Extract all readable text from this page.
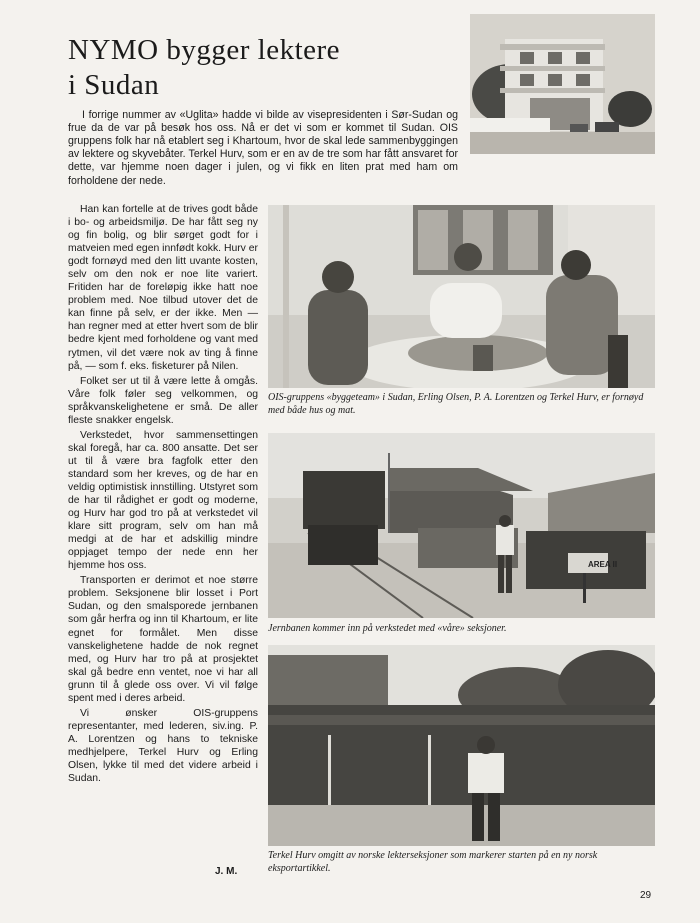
NYMO bygger lektere
i Sudan

I forrige nummer av «Uglita» hadde vi bilde av visepresidenten i Sør-Sudan og frue da de var på besøk hos oss. Nå er det vi som er kommet til Sudan. OIS gruppens folk har nå etablert seg i Khartoum, hvor de skal lede sammenbyggingen av lektere og skyvebåter. Terkel Hurv, som er en av de tre som har fått ansvaret for dette, var hjemme noen dager i julen, og vi fikk en liten prat med ham om forholdene der nede.

Han kan fortelle at de trives godt både i bo- og arbeidsmiljø. De har fått seg ny og fin bolig, og blir sørget godt for i matveien med egen innfødt kokk. Hurv er godt fornøyd med den litt uvante kosten, selv om den nok er noe lite variert. Fritiden har de foreløpig ikke hatt noe problem med. Noe tilbud utover det de kan finne på selv, er der ikke. Men — han regner med at etter hvert som de blir bedre kjent med forholdene og vant med rytmen, vil det være nok av ting å finne på, — som f. eks. fisketurer på Nilen.

Folket ser ut til å være lette å omgås. Våre folk føler seg velkommen, og språkvanskelighetene er små. De aller fleste snakker engelsk.

Verkstedet, hvor sammensettingen skal foregå, har ca. 800 ansatte. Det ser ut til å være bra fagfolk etter den standard som her kreves, og de har en veldig optimistisk innstilling. Utstyret som de har til rådighet er godt og moderne, og Hurv har god tro på at verkstedet vil klare sitt program, selv om han må medgi at de har et adskillig mindre oppjaget tempo der nede enn her hjemme hos oss.

Transporten er derimot et noe større problem. Seksjonene blir losset i Port Sudan, og den smalsporede jernbanen som går herfra og inn til Khartoum, er lite egnet for formålet. Men disse vanskelighetene hadde de nok regnet med, og Hurv har tro på at prosjektet skal gå bedre enn ventet, noe vi har all grunn til å glede oss over. Vi vil følge spent med i deres arbeid.

Vi ønsker OIS-gruppens representanter, med lederen, siv.ing. P. A. Lorentzen og hans to tekniske medhjelpere, Terkel Hurv og Erling Olsen, lykke til med det videre arbeid i Sudan.

J. M.
OIS-gruppens «byggeteam» i Sudan, Erling Olsen, P. A. Lorentzen og Terkel Hurv, er fornøyd med både hus og mat.
AREA II
Jernbanen kommer inn på verkstedet med «våre» seksjoner.
Terkel Hurv omgitt av norske lekterseksjoner som markerer starten på en ny norsk eksportartikkel.
29
